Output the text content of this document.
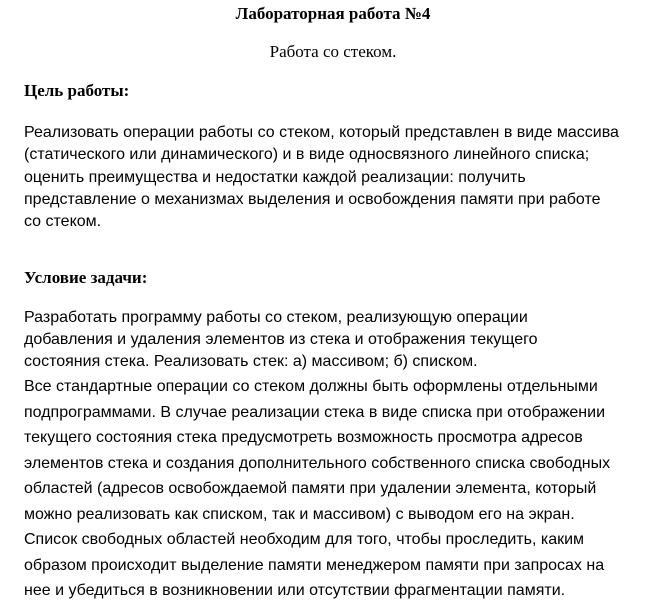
Лабораторная работа №4
Работа со стеком.
Цель работы:
Реализовать операции работы со стеком, который представлен в виде массива
(статического или динамического) и в виде односвязного линейного списка;
оценить преимущества и недостатки каждой реализации: получить
представление о механизмах выделения и освобождения памяти при работе
со стеком.
Условие задачи:
Разработать программу работы со стеком, реализующую операции
добавления и удаления элементов из стека и отображения текущего
состояния стека. Реализовать стек: а) массивом; б) списком.
Все стандартные операции со стеком должны быть оформлены отдельными
подпрограммами. В случае реализации стека в виде списка при отображении
текущего состояния стека предусмотреть возможность просмотра адресов
элементов стека и создания дополнительного собственного списка свободных
областей (адресов освобождаемой памяти при удалении элемента, который
можно реализовать как списком, так и массивом) с выводом его на экран.
Список свободных областей необходим для того, чтобы проследить, каким
образом происходит выделение памяти менеджером памяти при запросах на
нее и убедиться в возникновении или отсутствии фрагментации памяти.
